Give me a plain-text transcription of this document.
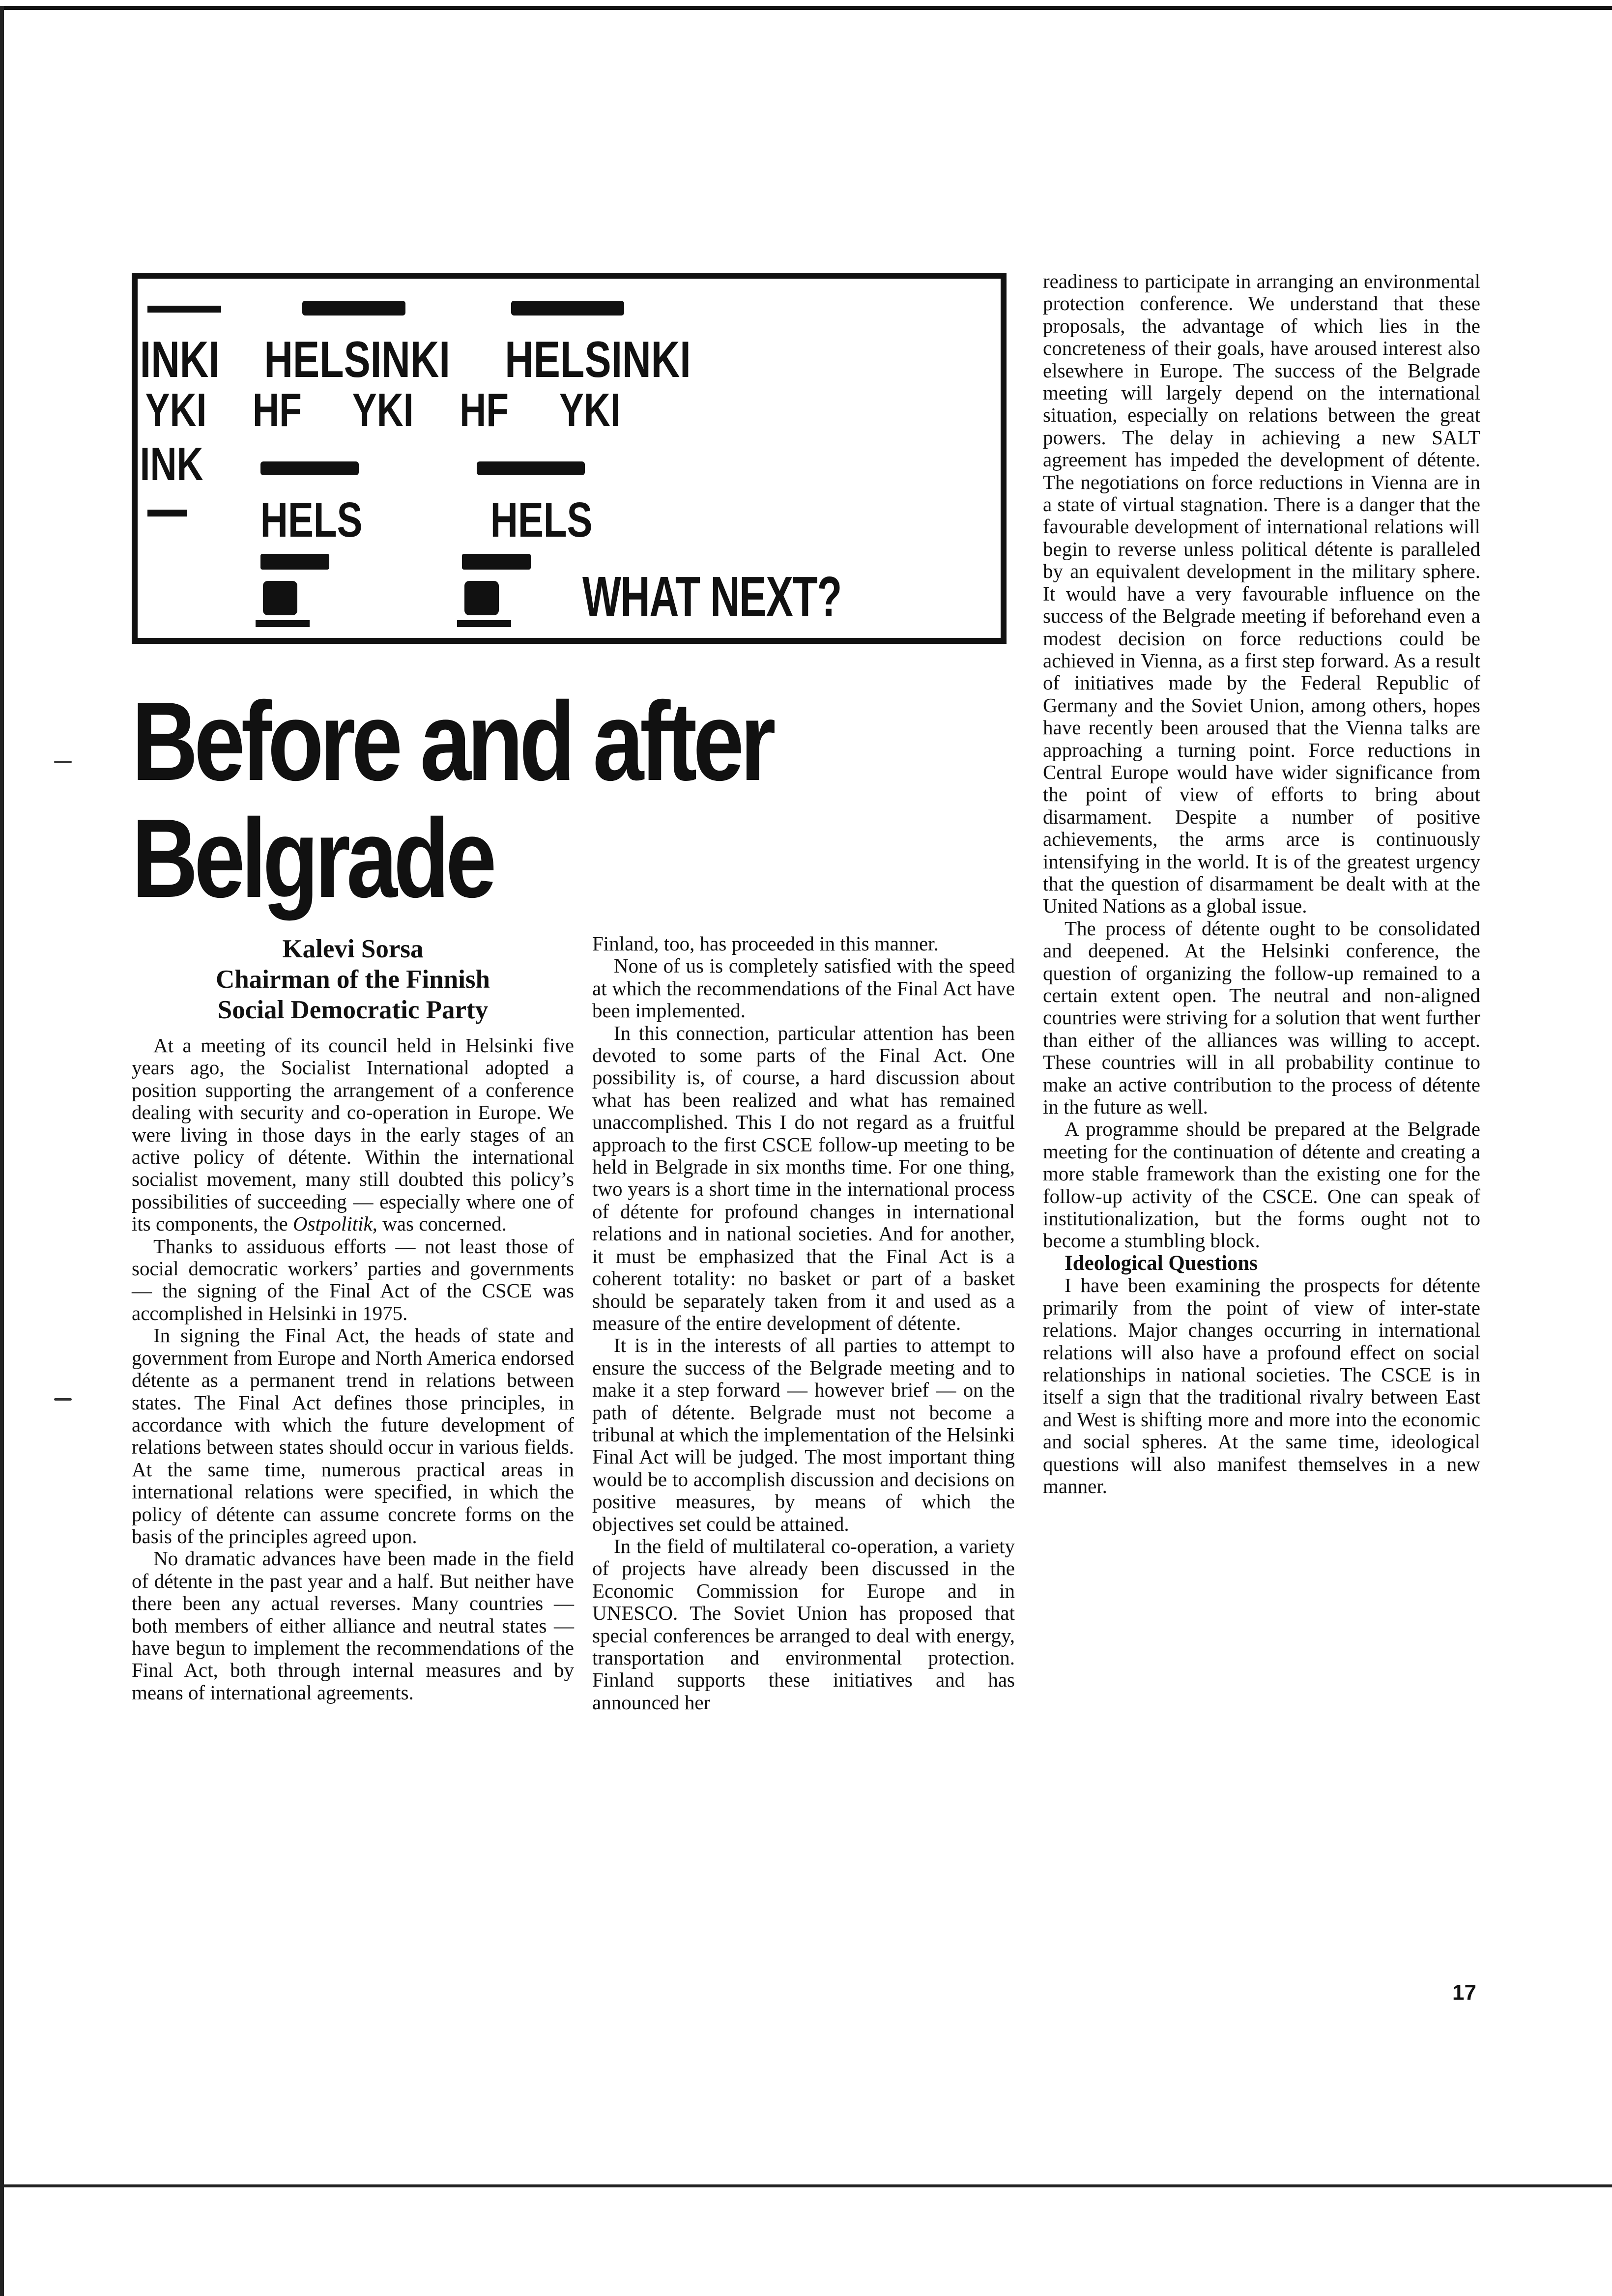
INKI HELSINKI HELSINKI
YKI HF YKI HF YKI
INK
HELS	HELS
WHAT NEXT?
Before and after
Belgrade
Kalevi Sorsa
Chairman of the Finnish
Social Democratic Party

At a meeting of its council held in Helsinki five years ago, the Socialist International adopted a position supporting the arrangement of a conference dealing with security and co-operation in Europe. We were living in those days in the early stages of an active policy of détente. Within the international socialist movement, many still doubted this policy’s possibilities of succeeding — especially where one of its components, the Ostpolitik, was concerned.

Thanks to assiduous efforts — not least those of social democratic workers’ parties and governments — the signing of the Final Act of the CSCE was accomplished in Helsinki in 1975.

In signing the Final Act, the heads of state and government from Europe and North America endorsed détente as a permanent trend in relations between states. The Final Act defines those principles, in accordance with which the future development of relations between states should occur in various fields. At the same time, numerous practical areas in international relations were specified, in which the policy of détente can assume concrete forms on the basis of the principles agreed upon.

No dramatic advances have been made in the field of détente in the past year and a half. But neither have there been any actual reverses. Many countries — both members of either alliance and neutral states — have begun to implement the recommendations of the Final Act, both through internal measures and by means of international agreements.

Finland, too, has proceeded in this manner.

None of us is completely satisfied with the speed at which the recommendations of the Final Act have been implemented.

In this connection, particular attention has been devoted to some parts of the Final Act. One possibility is, of course, a hard discussion about what has been realized and what has remained unaccomplished. This I do not regard as a fruitful approach to the first CSCE follow-up meeting to be held in Belgrade in six months time. For one thing, two years is a short time in the international process of détente for profound changes in international relations and in national societies. And for another, it must be emphasized that the Final Act is a coherent totality: no basket or part of a basket should be separately taken from it and used as a measure of the entire development of détente.

It is in the interests of all parties to attempt to ensure the success of the Belgrade meeting and to make it a step forward — however brief — on the path of détente. Belgrade must not become a tribunal at which the implementation of the Helsinki Final Act will be judged. The most important thing would be to accomplish discussion and decisions on positive measures, by means of which the objectives set could be attained.

In the field of multilateral co-operation, a variety of projects have already been discussed in the Economic Commission for Europe and in UNESCO. The Soviet Union has proposed that special conferences be arranged to deal with energy, transportation and environmental protection. Finland supports these initiatives and has announced her

readiness to participate in arranging an environmental protection conference. We understand that these proposals, the advantage of which lies in the concreteness of their goals, have aroused interest also elsewhere in Europe. The success of the Belgrade meeting will largely depend on the international situation, especially on relations between the great powers. The delay in achieving a new SALT agreement has impeded the development of détente. The negotiations on force reductions in Vienna are in a state of virtual stagnation. There is a danger that the favourable development of international relations will begin to reverse unless political détente is paralleled by an equivalent development in the military sphere. It would have a very favourable influence on the success of the Belgrade meeting if beforehand even a modest decision on force reductions could be achieved in Vienna, as a first step forward. As a result of initiatives made by the Federal Republic of Germany and the Soviet Union, among others, hopes have recently been aroused that the Vienna talks are approaching a turning point. Force reductions in Central Europe would have wider significance from the point of view of efforts to bring about disarmament. Despite a number of positive achievements, the arms arce is continuously intensifying in the world. It is of the greatest urgency that the question of disarmament be dealt with at the United Nations as a global issue.

The process of détente ought to be consolidated and deepened. At the Helsinki conference, the question of organizing the follow-up remained to a certain extent open. The neutral and non-aligned countries were striving for a solution that went further than either of the alliances was willing to accept. These countries will in all probability continue to make an active contribution to the process of détente in the future as well.

A programme should be prepared at the Belgrade meeting for the continuation of détente and creating a more stable framework than the existing one for the follow-up activity of the CSCE. One can speak of institutionalization, but the forms ought not to become a stumbling block.

Ideological Questions

I have been examining the prospects for détente primarily from the point of view of inter-state relations. Major changes occurring in international relations will also have a profound effect on social relationships in national societies. The CSCE is in itself a sign that the traditional rivalry between East and West is shifting more and more into the economic and social spheres. At the same time, ideological questions will also manifest themselves in a new manner.

17
